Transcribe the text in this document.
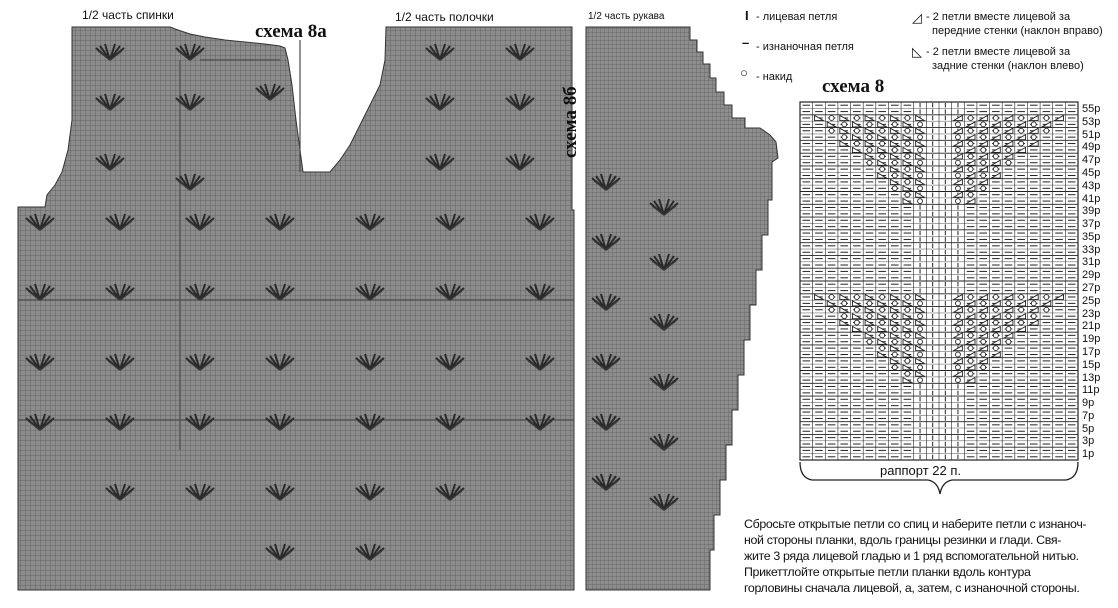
1/2 часть спинки	1/2 часть полочки	1/2 часть рукава
схема 8а
схема 8б	схема 8
I - лицевая петля
– - изнаночная петля
○ - накид
◿ - 2 петли вместе лицевой за
передние стенки (наклон вправо)
◺ - 2 петли вместе лицевой за
задние стенки (наклон влево)
55р
53р
51р
49р
47р
45р
43р
41р
39р
37р
35р
33р
31р
29р
27р
25р
23р
21р
19р
17р
15р
13р
11р
9р
7р
5р
3р
1р
раппорт 22 п.
Сбросьте открытые петли со спиц и наберите петли с изнаноч-
ной стороны планки, вдоль границы резинки и глади. Свя-
жите 3 ряда лицевой гладью и 1 ряд вспомогательной нитью.
Прикеттлойте открытые петли планки вдоль контура
горловины сначала лицевой, а, затем, с изнаночной стороны.
